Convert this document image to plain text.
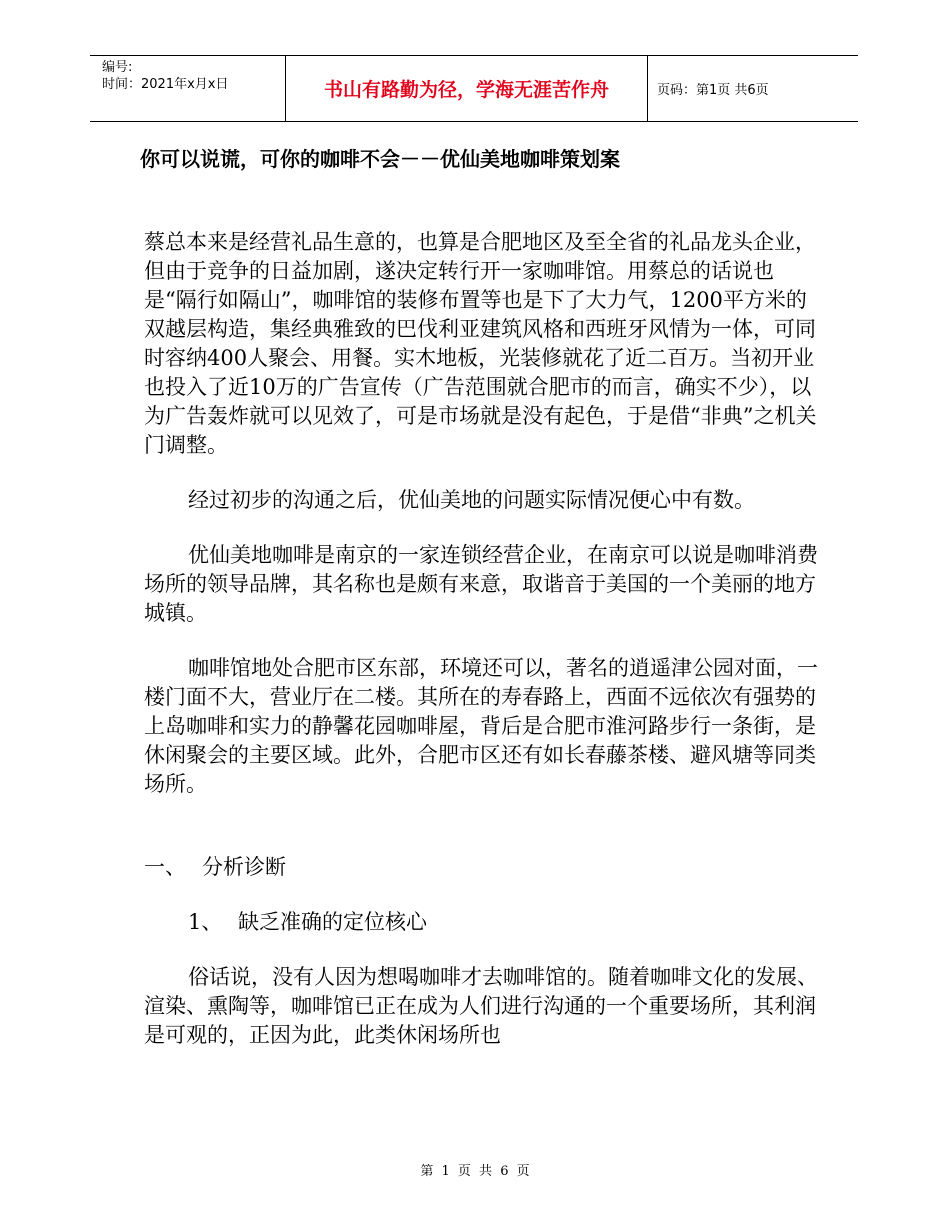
编号:
时间：2021年x月x日	书山有路勤为径，学海无涯苦作舟	页码：第1页 共6页
你可以说谎，可你的咖啡不会－－优仙美地咖啡策划案

蔡总本来是经营礼品生意的，也算是合肥地区及至全省的礼品龙头企业，但由于竞争的日益加剧，遂决定转行开一家咖啡馆。用蔡总的话说也是“隔行如隔山”，咖啡馆的装修布置等也是下了大力气，1200平方米的双越层构造，集经典雅致的巴伐利亚建筑风格和西班牙风情为一体，可同时容纳400人聚会、用餐。实木地板，光装修就花了近二百万。当初开业也投入了近10万的广告宣传（广告范围就合肥市的而言，确实不少），以为广告轰炸就可以见效了，可是市场就是没有起色，于是借“非典”之机关门调整。

经过初步的沟通之后，优仙美地的问题实际情况便心中有数。

优仙美地咖啡是南京的一家连锁经营企业，在南京可以说是咖啡消费场所的领导品牌，其名称也是颇有来意，取谐音于美国的一个美丽的地方城镇。

咖啡馆地处合肥市区东部，环境还可以，著名的逍遥津公园对面，一楼门面不大，营业厅在二楼。其所在的寿春路上，西面不远依次有强势的上岛咖啡和实力的静馨花园咖啡屋，背后是合肥市淮河路步行一条街，是休闲聚会的主要区域。此外，合肥市区还有如长春藤茶楼、避风塘等同类场所。

一、 分析诊断
1、 缺乏准确的定位核心

俗话说，没有人因为想喝咖啡才去咖啡馆的。随着咖啡文化的发展、渲染、熏陶等，咖啡馆已正在成为人们进行沟通的一个重要场所，其利润是可观的，正因为此，此类休闲场所也

第 1 页 共 6 页
